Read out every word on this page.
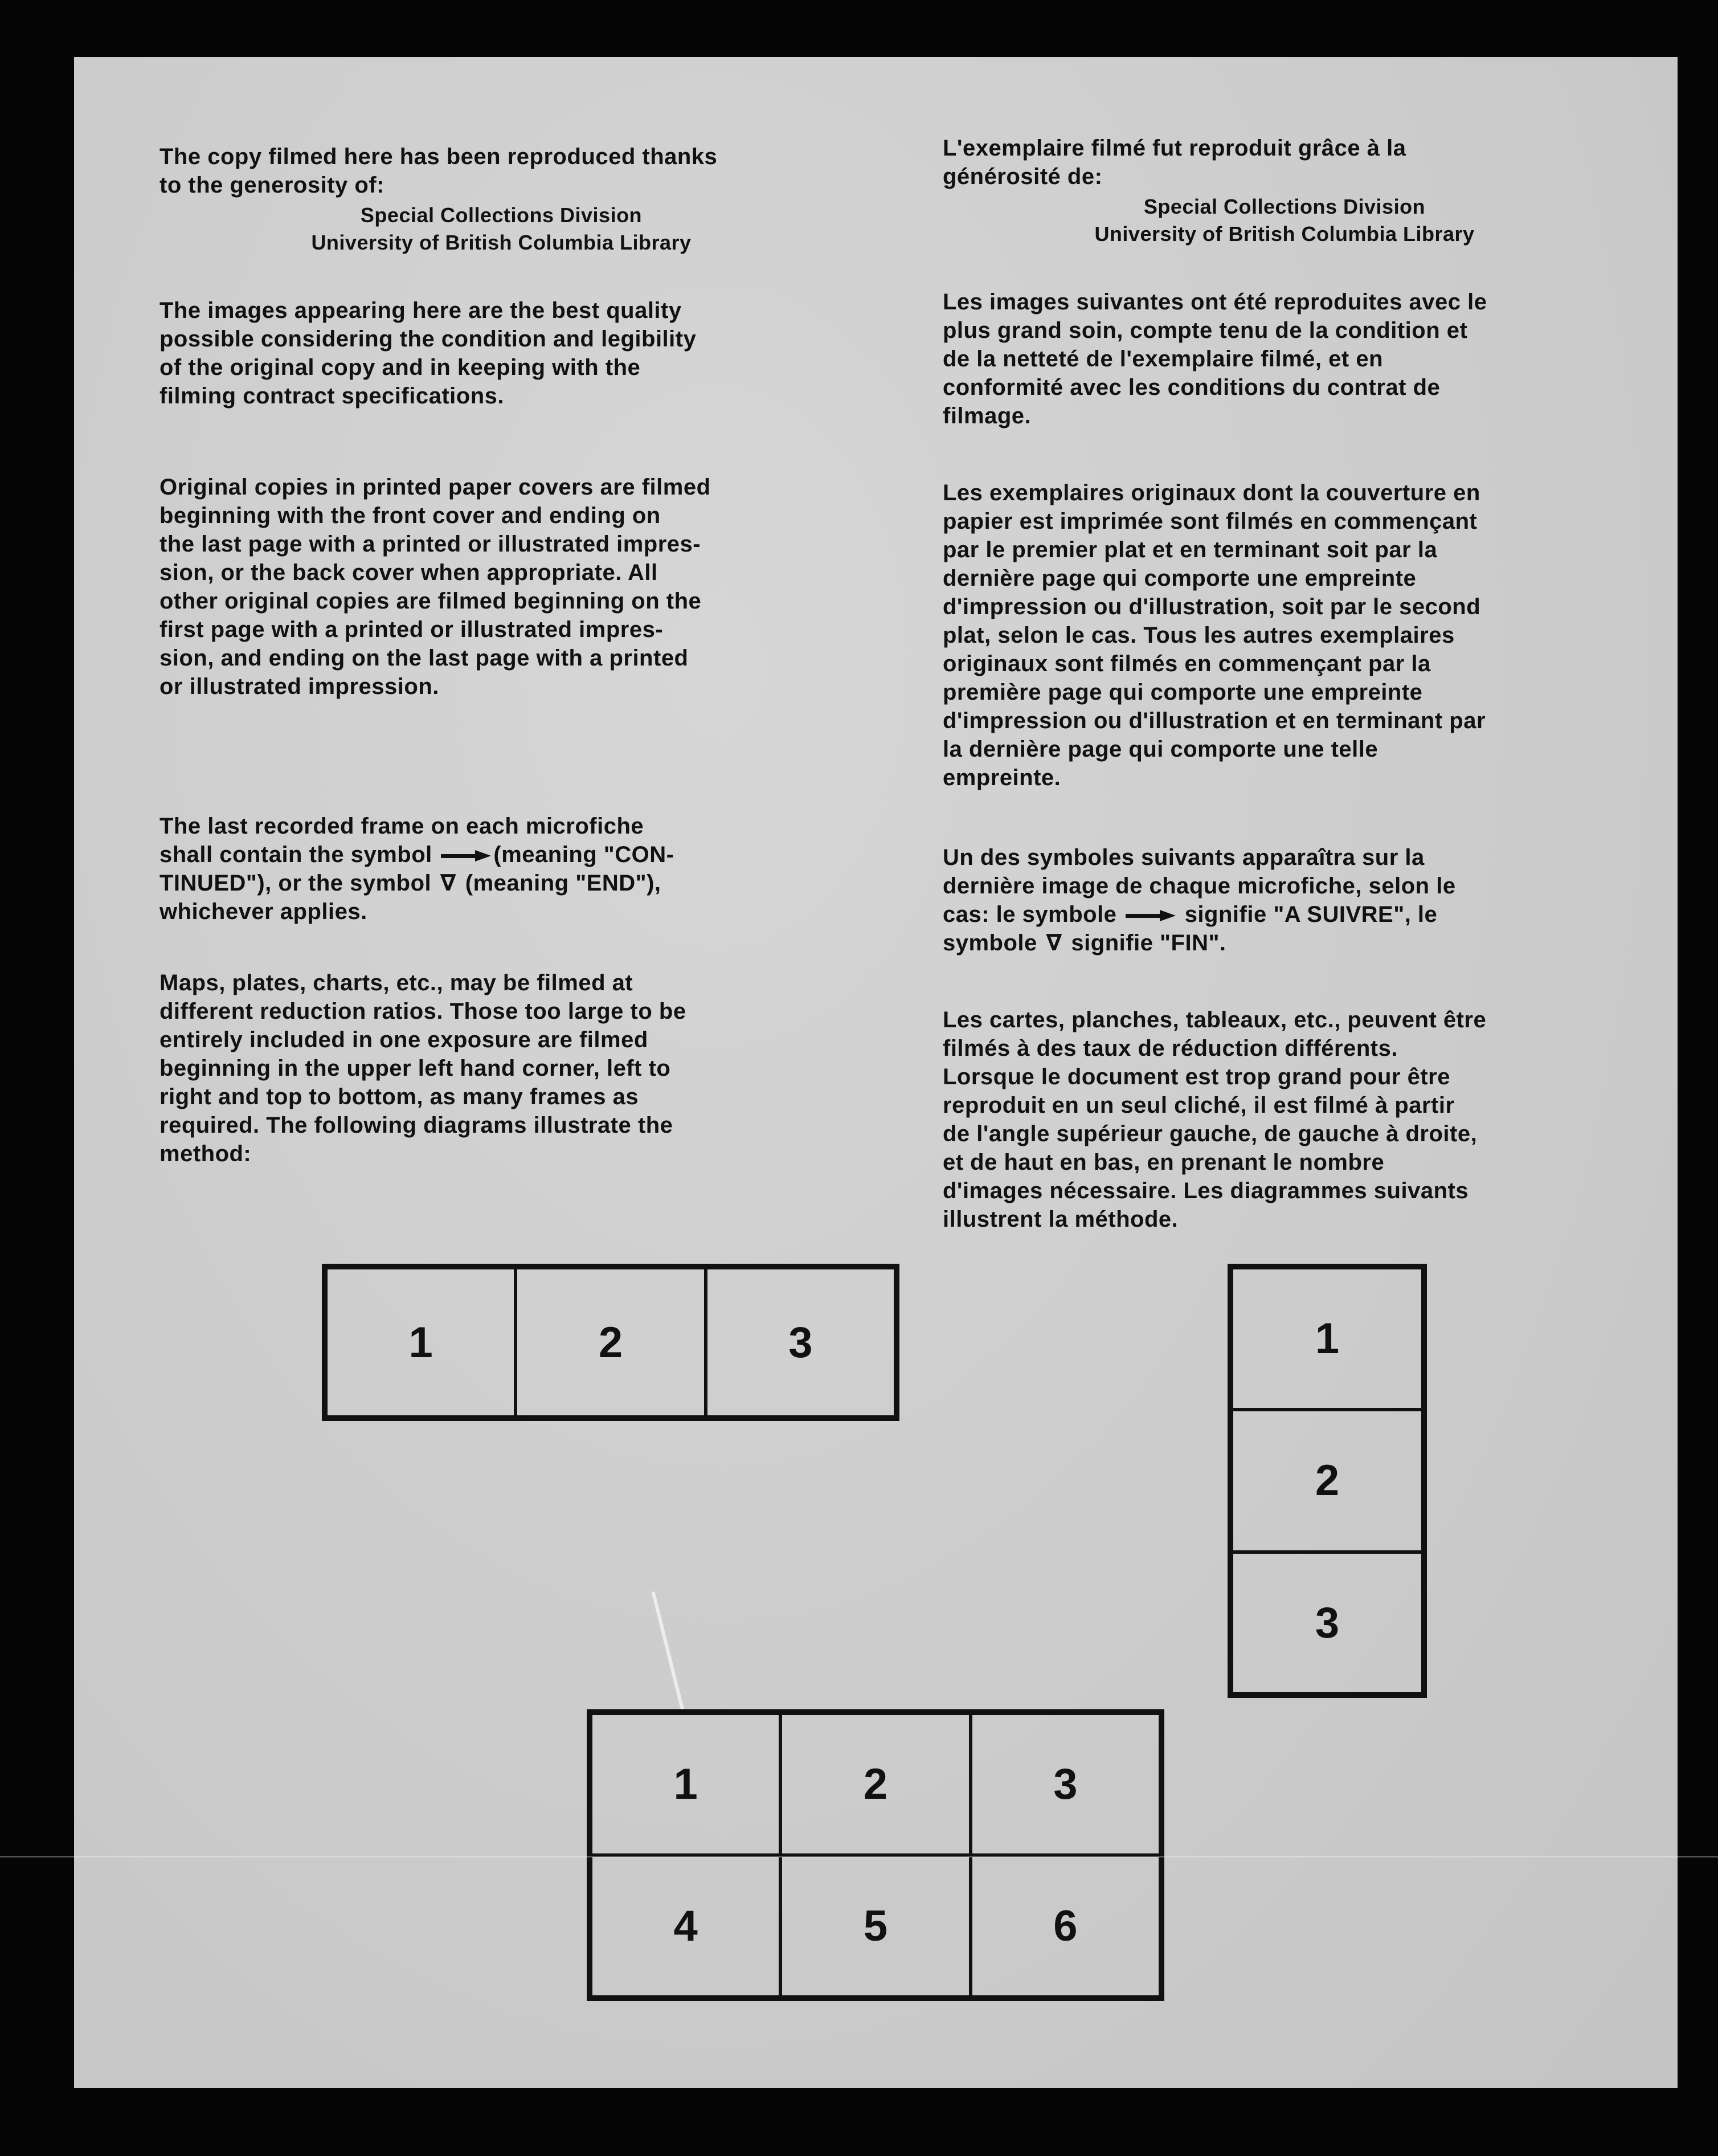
The copy filmed here has been reproduced thanks
to the generosity of:

Special Collections Division

University of British Columbia Library

The images appearing here are the best quality
possible considering the condition and legibility
of the original copy and in keeping with the
filming contract specifications.

Original copies in printed paper covers are filmed
beginning with the front cover and ending on
the last page with a printed or illustrated impres-
sion, or the back cover when appropriate. All
other original copies are filmed beginning on the
first page with a printed or illustrated impres-
sion, and ending on the last page with a printed
or illustrated impression.

The last recorded frame on each microfiche
shall contain the symbol	(meaning "CON-
TINUED"), or the symbol ∇ (meaning "END"),
whichever applies.

Maps, plates, charts, etc., may be filmed at
different reduction ratios. Those too large to be
entirely included in one exposure are filmed
beginning in the upper left hand corner, left to
right and top to bottom, as many frames as
required. The following diagrams illustrate the
method:

L'exemplaire filmé fut reproduit grâce à la
générosité de:

Special Collections Division

University of British Columbia Library

Les images suivantes ont été reproduites avec le
plus grand soin, compte tenu de la condition et
de la netteté de l'exemplaire filmé, et en
conformité avec les conditions du contrat de
filmage.

Les exemplaires originaux dont la couverture en
papier est imprimée sont filmés en commençant
par le premier plat et en terminant soit par la
dernière page qui comporte une empreinte
d'impression ou d'illustration, soit par le second
plat, selon le cas. Tous les autres exemplaires
originaux sont filmés en commençant par la
première page qui comporte une empreinte
d'impression ou d'illustration et en terminant par
la dernière page qui comporte une telle
empreinte.

Un des symboles suivants apparaîtra sur la
dernière image de chaque microfiche, selon le
cas: le symbole	signifie "A SUIVRE", le
symbole ∇ signifie "FIN".

Les cartes, planches, tableaux, etc., peuvent être
filmés à des taux de réduction différents.
Lorsque le document est trop grand pour être
reproduit en un seul cliché, il est filmé à partir
de l'angle supérieur gauche, de gauche à droite,
et de haut en bas, en prenant le nombre
d'images nécessaire. Les diagrammes suivants
illustrent la méthode.

1	2	3	1
2
3
1	2	3
4	5	6
